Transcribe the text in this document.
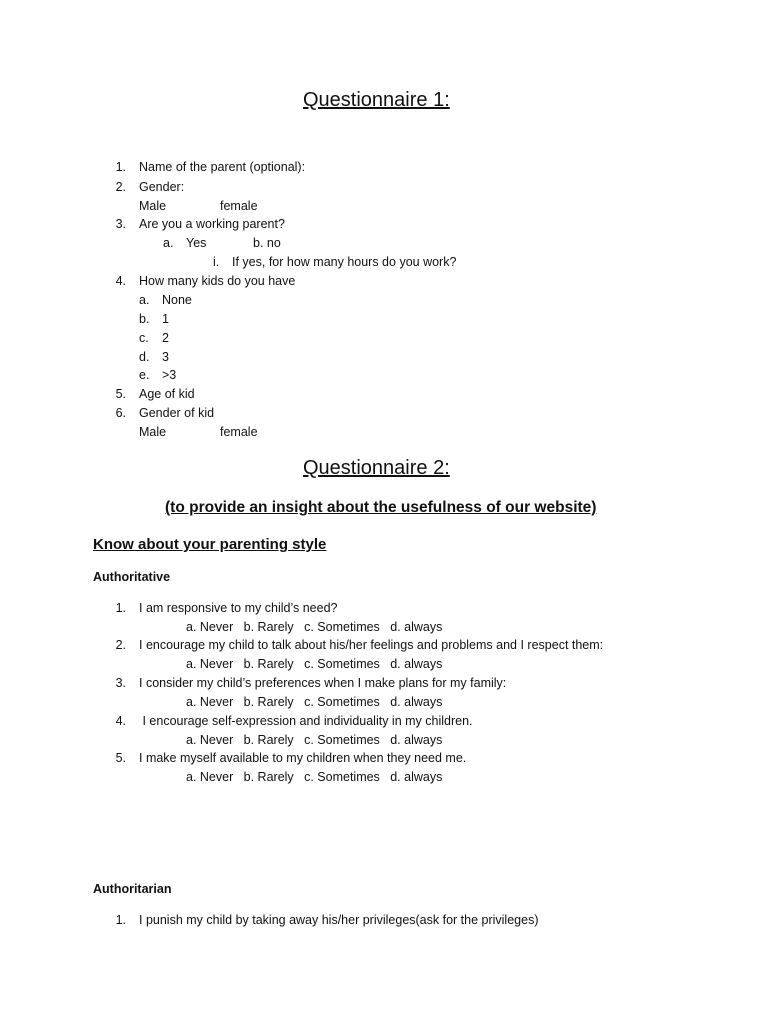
Questionnaire 1:
1. Name of the parent (optional):
2. Gender:
Male	female
3. Are you a working parent?
a. Yes	b. no
i. If yes, for how many hours do you work?
4. How many kids do you have
a. None
b. 1
c. 2
d. 3
e. >3
5. Age of kid
6. Gender of kid
Male	female
Questionnaire 2:
(to provide an insight about the usefulness of our website)
Know about your parenting style
Authoritative
1. I am responsive to my child’s need?
a. Never   b. Rarely   c. Sometimes   d. always
2. I encourage my child to talk about his/her feelings and problems and I respect them:
a. Never   b. Rarely   c. Sometimes   d. always
3. I consider my child’s preferences when I make plans for my family:
a. Never   b. Rarely   c. Sometimes   d. always
4. I encourage self-expression and individuality in my children.
a. Never   b. Rarely   c. Sometimes   d. always
5. I make myself available to my children when they need me.
a. Never   b. Rarely   c. Sometimes   d. always
Authoritarian
1. I punish my child by taking away his/her privileges(ask for the privileges)
